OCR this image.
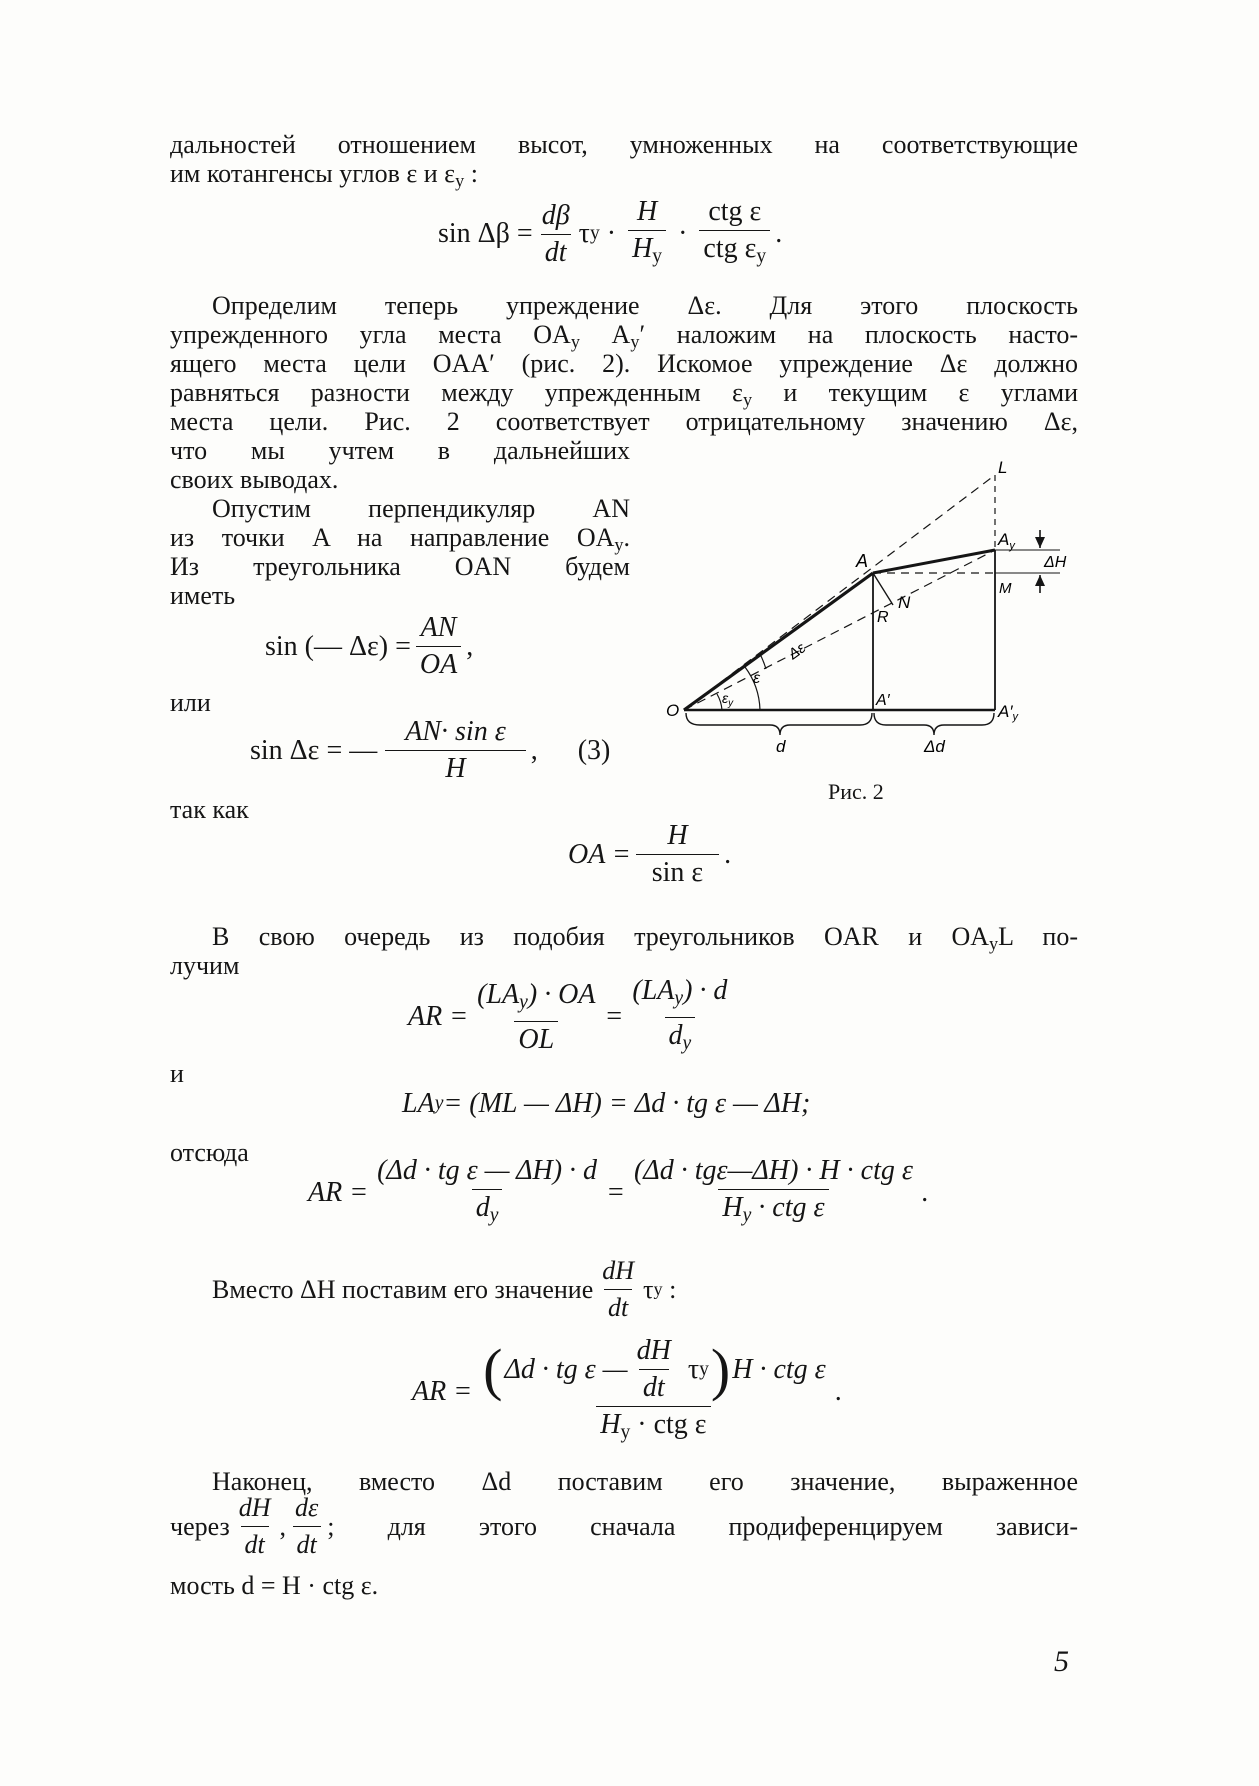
дальностей отношением высот, умноженных на соответствующие
им котангенсы углов ε и $\varepsilon_у$ :
$\sin \Delta\beta = \frac{d\beta}{dt}$ τ $у \cdot \frac{H}{H_у} \cdot \frac{\text{ctg ε}}{ctg \varepsilon_у}$ .
Определим теперь упреждение Δε. Для этого плоскость
упрежденного угла места $OA_у$ $A_у'$ наложим на плоскость насто-
ящего места цели OAA′ (рис. 2). Искомое упреждение Δε должно
равняться разности между упрежденным $\varepsilon_у$ и текущим ε углами
места цели. Рис. 2 соответствует отрицательному значению Δε,
что мы учтем в дальнейших
своих выводах.
Опустим перпендикуляр AN
из точки A на направление $OA_у$.
Из треугольника OAN будем
иметь
sin (— $\Delta\varepsilon) = \frac{AN}{OA}$ ,
или
sin Δε = — $\frac{\text{AN· sin ε}}{H}$ , (3)
так как
L
$A_у$
A	ΔH
M
N
R
Δε
ε
$\varepsilon_у$
O
A′
A′у
d	Δd
Рис. 2
OA = $\frac{H}{\text{sin ε}}$ .
В свою очередь из подобия треугольников OAR и $OA_уL$ по-
лучим
AR = $\frac{(LA_у) \cdot OA}{OL} = \frac{(LA_у) \cdot d}{d_у}$
и
LA у = (ML — ΔH) = Δd · tg ε — ΔH;
отсюда
AR = $\frac{\text{(Δd · tg ε — ΔH) · d}}{d_у} = \frac{\text{(Δd · tgε—ΔH) · H · ctg ε}}{H_у \cdot ctg \varepsilon}$ .
Вместо ΔH поставим его значение $\frac{dH}{dt}$ τ у :
AR = ( Δd · tg ε — $\frac{dH}{dt}$ τ у ) H · ctg ε
$H_у$ · ctg ε
.
Наконец, вместо Δd поставим его значение, выраженное
через $\frac{dH}{dt}$ , $\frac{d\varepsilon}{dt}$ ; для этого сначала продиференцируем зависи-
мость d = H · ctg ε.
5
